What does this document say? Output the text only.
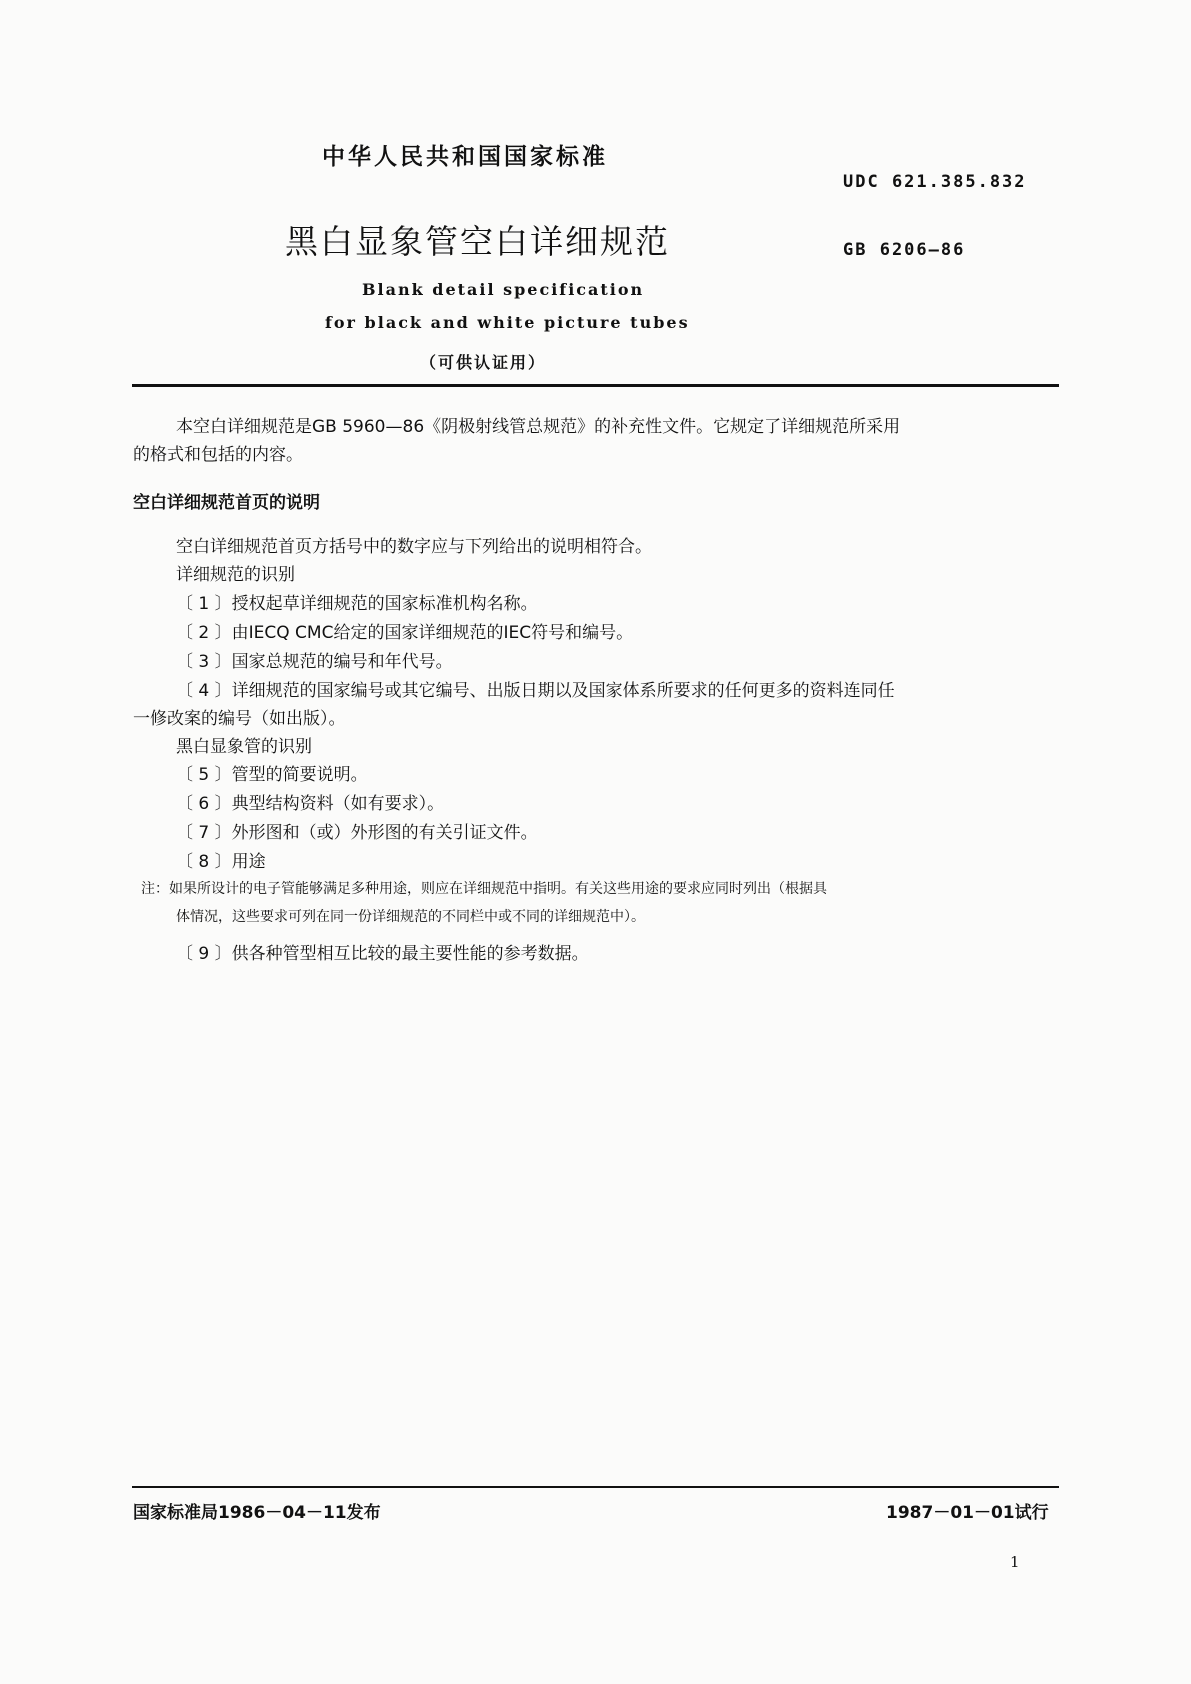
中华人民共和国国家标准
UDC 621.385.832
黑白显象管空白详细规范	GB 6206—86
Blank detail specification
for black and white picture tubes
（可供认证用）
本空白详细规范是GB 5960—86《阴极射线管总规范》的补充性文件。它规定了详细规范所采用
的格式和包括的内容。
空白详细规范首页的说明
空白详细规范首页方括号中的数字应与下列给出的说明相符合。
详细规范的识别
〔 1 〕授权起草详细规范的国家标准机构名称。
〔 2 〕由IECQ CMC给定的国家详细规范的IEC符号和编号。
〔 3 〕国家总规范的编号和年代号。
〔 4 〕详细规范的国家编号或其它编号、出版日期以及国家体系所要求的任何更多的资料连同任
一修改案的编号（如出版）。
黑白显象管的识别
〔 5 〕管型的简要说明。
〔 6 〕典型结构资料（如有要求）。
〔 7 〕外形图和（或）外形图的有关引证文件。
〔 8 〕用途
注：如果所设计的电子管能够满足多种用途，则应在详细规范中指明。有关这些用途的要求应同时列出（根据具
体情况，这些要求可列在同一份详细规范的不同栏中或不同的详细规范中）。
〔 9 〕供各种管型相互比较的最主要性能的参考数据。
国家标准局1986－04－11发布	1987－01－01试行
1
